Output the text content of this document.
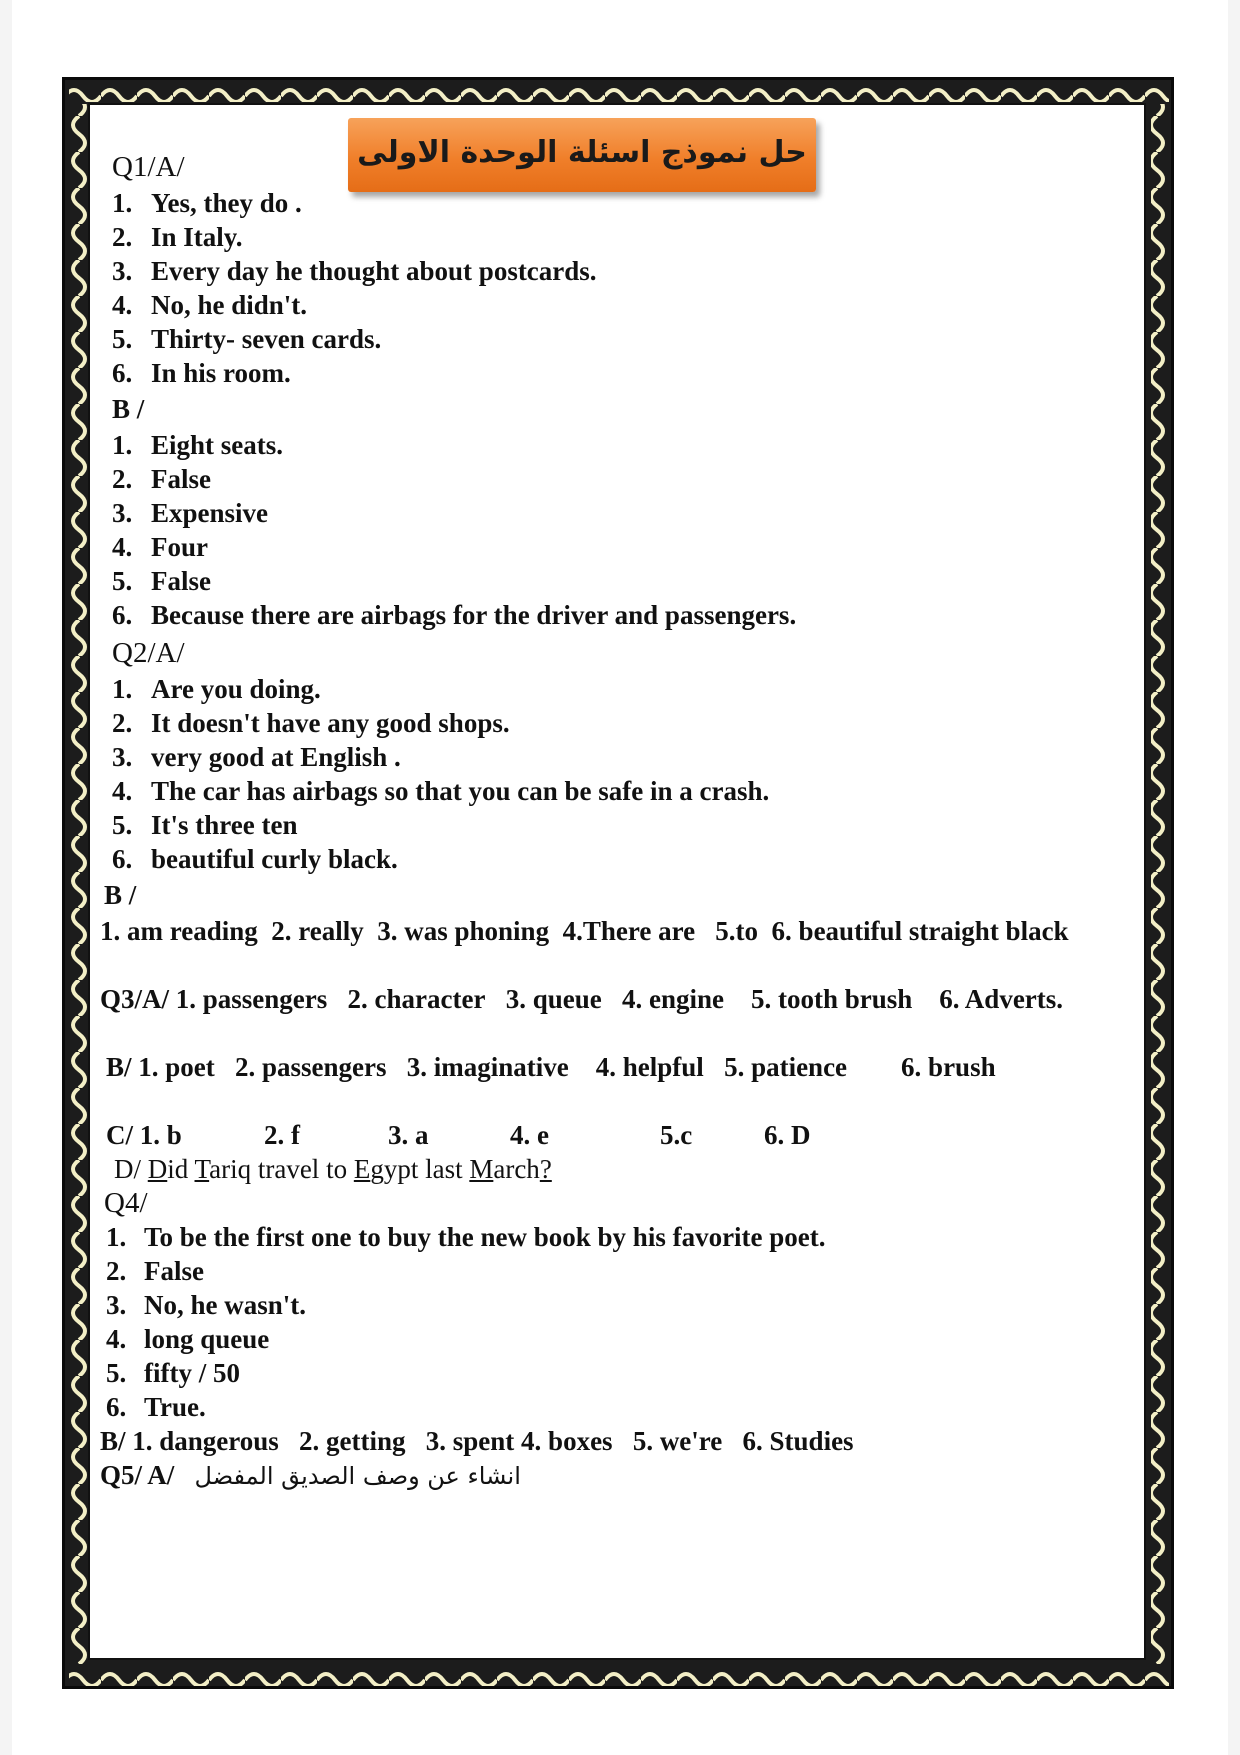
حل نموذج اسئلة الوحدة الاولى
Q1/A/
1. Yes, they do .
2. In Italy.
3. Every day he thought about postcards.
4. No, he didn't.
5. Thirty- seven cards.
6. In his room.
B /
1. Eight seats.
2. False
3. Expensive
4. Four
5. False
6. Because there are airbags for the driver and passengers.
Q2/A/
1. Are you doing.
2. It doesn't have any good shops.
3. very good at English .
4. The car has airbags so that you can be safe in a crash.
5. It's three ten
6. beautiful curly black.
B /
1. am reading 2. really 3. was phoning 4.There are 5.to 6. beautiful straight black
Q3/A/ 1. passengers 2. character 3. queue 4. engine 5. tooth brush 6. Adverts.
B/ 1. poet 2. passengers 3. imaginative 4. helpful 5. patience 6. brush
C/ 1. b	2. f	3. a	4. e	5.c	6. D
D/ Did Tariq travel to Egypt last March?
Q4/
1. To be the first one to buy the new book by his favorite poet.
2. False
3. No, he wasn't.
4. long queue
5. fifty / 50
6. True.
B/ 1. dangerous 2. getting 3. spent 4. boxes 5. we're 6. Studies
Q5/ A/ انشاء عن وصف الصديق المفضل
